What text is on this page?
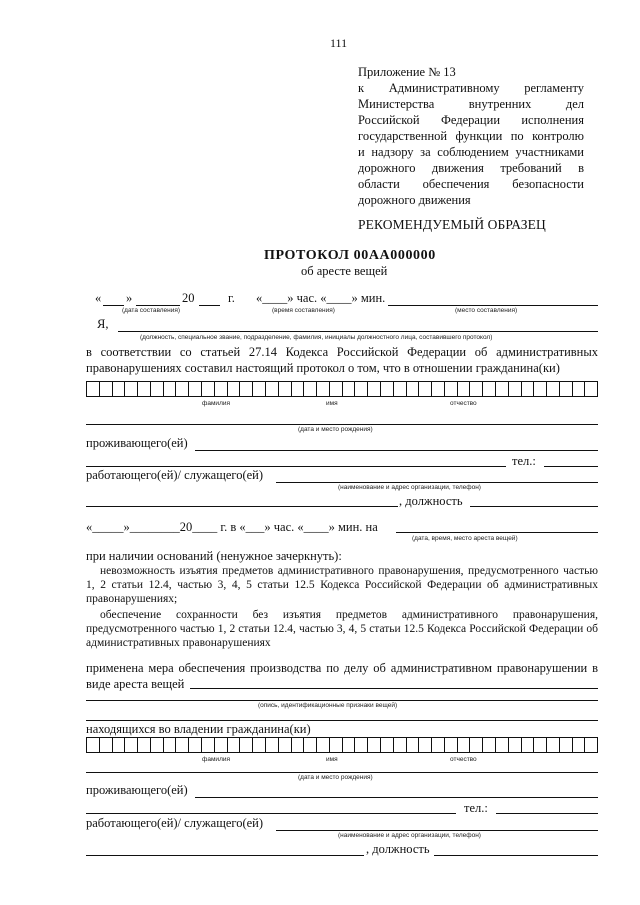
111
Приложение № 13
к Административному регламенту
Министерства внутренних дел
Российской Федерации исполнения
государственной функции по контролю
и надзору за соблюдением участниками
дорожного движения требований в
области обеспечения безопасности
дорожного движения
РЕКОМЕНДУЕМЫЙ ОБРАЗЕЦ
ПРОТОКОЛ 00АА000000
об аресте вещей
« »	20	г. «____» час. «____» мин.
(дата составления)	(время составления)	(место составления)
Я,
(должность, специальное звание, подразделение, фамилия, инициалы должностного лица, составившего протокол)
в соответствии со статьей 27.14 Кодекса Российской Федерации об административных правонарушениях составил настоящий протокол о том, что в отношении гражданина(ки)
фамилия	имя	отчество
(дата и место рождения)
проживающего(ей)
тел.:
работающего(ей)/ служащего(ей)
(наименование и адрес организации, телефон)
, должность
«_____»________20____ г. в «___» час. «____» мин. на
(дата, время, место ареста вещей)
при наличии оснований (ненужное зачеркнуть):
невозможность изъятия предметов административного правонарушения, предусмотренного частью 1, 2 статьи 12.4, частью 3, 4, 5 статьи 12.5 Кодекса Российской Федерации об административных правонарушениях;
обеспечение сохранности без изъятия предметов административного правонарушения, предусмотренного частью 1, 2 статьи 12.4, частью 3, 4, 5 статьи 12.5 Кодекса Российской Федерации об административных правонарушениях
применена мера обеспечения производства по делу об административном правонарушении в виде ареста вещей
(опись, идентификационные признаки вещей)
находящихся во владении гражданина(ки)
фамилия	имя	отчество
(дата и место рождения)
проживающего(ей)
тел.:
работающего(ей)/ служащего(ей)
(наименование и адрес организации, телефон)
, должность
